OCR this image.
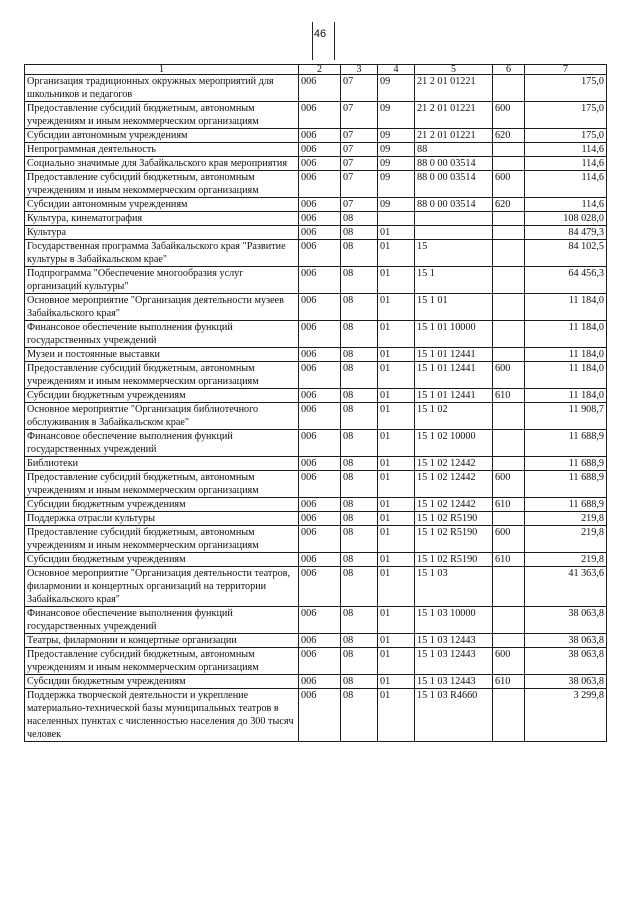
46
1	2	3	4	5	6	7
Организация традиционных окружных мероприятий для школьников и педагогов	006	07	09	21 2 01 01221		175,0
Предоставление субсидий бюджетным, автономным учреждениям и иным некоммерческим организациям	006	07	09	21 2 01 01221	600	175,0
Субсидии автономным учреждениям	006	07	09	21 2 01 01221	620	175,0
Непрограммная деятельность	006	07	09	88		114,6
Социально значимые для Забайкальского края мероприятия	006	07	09	88 0 00 03514		114,6
Предоставление субсидий бюджетным, автономным учреждениям и иным некоммерческим организациям	006	07	09	88 0 00 03514	600	114,6
Субсидии автономным учреждениям	006	07	09	88 0 00 03514	620	114,6
Культура, кинематография	006	08				108 028,0
Культура	006	08	01			84 479,3
Государственная программа Забайкальского края "Развитие культуры в Забайкальском крае"	006	08	01	15		84 102,5
Подпрограмма "Обеспечение многообразия услуг организаций культуры"	006	08	01	15 1		64 456,3
Основное мероприятие "Организация деятельности музеев Забайкальского края"	006	08	01	15 1 01		11 184,0
Финансовое обеспечение выполнения функций государственных учреждений	006	08	01	15 1 01 10000		11 184,0
Музеи и постоянные выставки	006	08	01	15 1 01 12441		11 184,0
Предоставление субсидий бюджетным, автономным учреждениям и иным некоммерческим организациям	006	08	01	15 1 01 12441	600	11 184,0
Субсидии бюджетным учреждениям	006	08	01	15 1 01 12441	610	11 184,0
Основное мероприятие "Организация библиотечного обслуживания в Забайкальском крае"	006	08	01	15 1 02		11 908,7
Финансовое обеспечение выполнения функций государственных учреждений	006	08	01	15 1 02 10000		11 688,9
Библиотеки	006	08	01	15 1 02 12442		11 688,9
Предоставление субсидий бюджетным, автономным учреждениям и иным некоммерческим организациям	006	08	01	15 1 02 12442	600	11 688,9
Субсидии бюджетным учреждениям	006	08	01	15 1 02 12442	610	11 688,9
Поддержка отрасли культуры	006	08	01	15 1 02 R5190		219,8
Предоставление субсидий бюджетным, автономным учреждениям и иным некоммерческим организациям	006	08	01	15 1 02 R5190	600	219,8
Субсидии бюджетным учреждениям	006	08	01	15 1 02 R5190	610	219,8
Основное мероприятие "Организация деятельности театров, филармонии и концертных организаций на территории Забайкальского края"	006	08	01	15 1 03		41 363,6
Финансовое обеспечение выполнения функций государственных учреждений	006	08	01	15 1 03 10000		38 063,8
Театры, филармонии и концертные организации	006	08	01	15 1 03 12443		38 063,8
Предоставление субсидий бюджетным, автономным учреждениям и иным некоммерческим организациям	006	08	01	15 1 03 12443	600	38 063,8
Субсидии бюджетным учреждениям	006	08	01	15 1 03 12443	610	38 063,8
Поддержка творческой деятельности и укрепление материально-технической базы муниципальных театров в населенных пунктах с численностью населения до 300 тысяч человек	006	08	01	15 1 03 R4660		3 299,8
